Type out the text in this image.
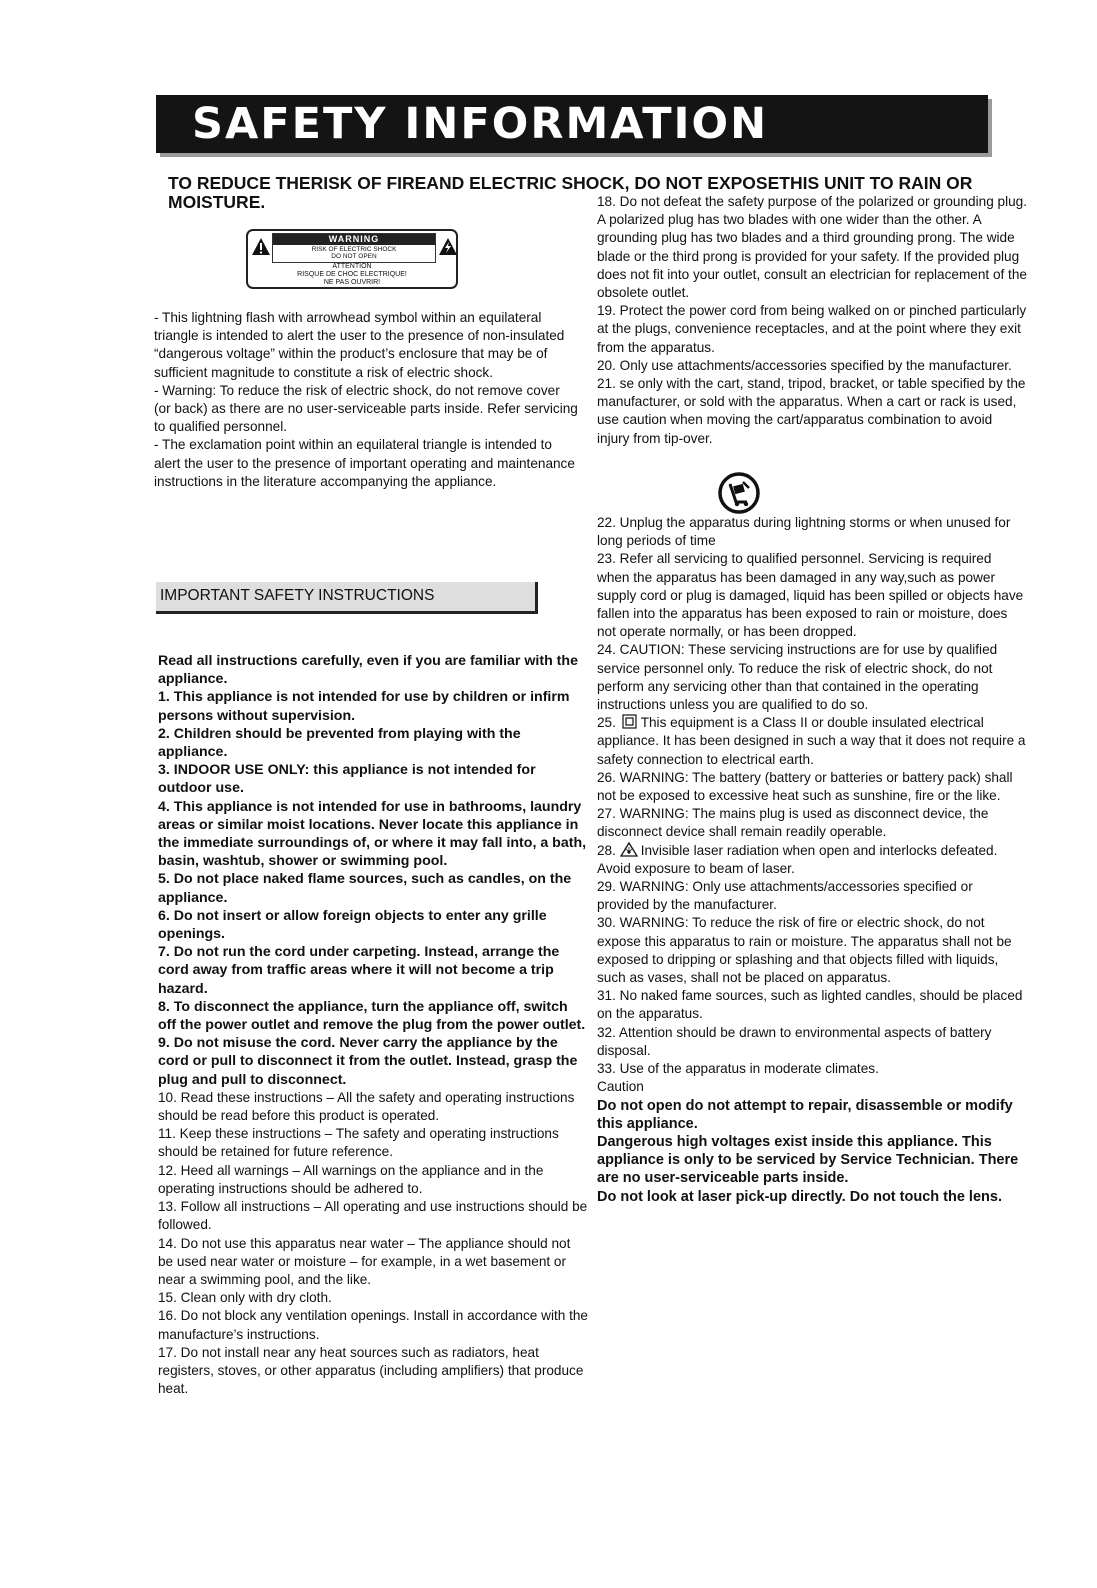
SAFETY INFORMATION
TO REDUCE THERISK OF FIREAND ELECTRIC SHOCK, DO NOT EXPOSETHIS UNIT TO RAIN OR MOISTURE.
WARNING
RISK OF ELECTRIC SHOCK
DO NOT OPEN
ATTENTION
RISQUE DE CHOC ELECTRIQUE!
NE PAS OUVRIR!

- This lightning flash with arrowhead symbol within an equilateral triangle is intended to alert the user to the presence of non-insulated “dangerous voltage” within the product’s enclosure that may be of sufficient magnitude to constitute a risk of electric shock.

- Warning: To reduce the risk of electric shock, do not remove cover (or back) as there are no user-serviceable parts inside. Refer servicing to qualified personnel.

- The exclamation point within an equilateral triangle is intended to alert the user to the presence of important operating and maintenance instructions in the literature accompanying the appliance.

IMPORTANT SAFETY INSTRUCTIONS

Read all instructions carefully, even if you are familiar with the appliance.

1. This appliance is not intended for use by children or infirm persons without supervision.

2. Children should be prevented from playing with the appliance.

3. INDOOR USE ONLY: this appliance is not intended for outdoor use.

4. This appliance is not intended for use in bathrooms, laundry areas or similar moist locations. Never locate this appliance in the immediate surroundings of, or where it may fall into, a bath, basin, washtub, shower or swimming pool.

5. Do not place naked flame sources, such as candles, on the appliance.

6. Do not insert or allow foreign objects to enter any grille openings.

7. Do not run the cord under carpeting. Instead, arrange the cord away from traffic areas where it will not become a trip hazard.

8. To disconnect the appliance, turn the appliance off, switch off the power outlet and remove the plug from the power outlet.

9. Do not misuse the cord. Never carry the appliance by the cord or pull to disconnect it from the outlet. Instead, grasp the plug and pull to disconnect.

10. Read these instructions – All the safety and operating instructions should be read before this product is operated.

11. Keep these instructions – The safety and operating instructions should be retained for future reference.

12. Heed all warnings – All warnings on the appliance and in the operating instructions should be adhered to.

13. Follow all instructions – All operating and use instructions should be followed.

14. Do not use this apparatus near water – The appliance should not be used near water or moisture – for example, in a wet basement or near a swimming pool, and the like.

15. Clean only with dry cloth.

16. Do not block any ventilation openings. Install in accordance with the manufacture’s instructions.

17. Do not install near any heat sources such as radiators, heat registers, stoves, or other apparatus (including amplifiers) that produce heat.

18. Do not defeat the safety purpose of the polarized or grounding plug. A polarized plug has two blades with one wider than the other. A grounding plug has two blades and a third grounding prong. The wide blade or the third prong is provided for your safety. If the provided plug does not fit into your outlet, consult an electrician for replacement of the obsolete outlet.

19. Protect the power cord from being walked on or pinched particularly at the plugs, convenience receptacles, and at the point where they exit from the apparatus.

20. Only use attachments/accessories specified by the manufacturer.

21. se only with the cart, stand, tripod, bracket, or table specified by the manufacturer, or sold with the apparatus. When a cart or rack is used, use caution when moving the cart/apparatus combination to avoid injury from tip-over.

22. Unplug the apparatus during lightning storms or when unused for long periods of time

23. Refer all servicing to qualified personnel. Servicing is required when the apparatus has been damaged in any way,such as power supply cord or plug is damaged, liquid has been spilled or objects have fallen into the apparatus has been exposed to rain or moisture, does not operate normally, or has been dropped.

24. CAUTION: These servicing instructions are for use by qualified service personnel only. To reduce the risk of electric shock, do not perform any servicing other than that contained in the operating instructions unless you are qualified to do so.

25. This equipment is a Class II or double insulated electrical appliance. It has been designed in such a way that it does not require a safety connection to electrical earth.

26. WARNING: The battery (battery or batteries or battery pack) shall not be exposed to excessive heat such as sunshine, fire or the like.

27. WARNING: The mains plug is used as disconnect device, the disconnect device shall remain readily operable.

28. Invisible laser radiation when open and interlocks defeated. Avoid exposure to beam of laser.

29. WARNING: Only use attachments/accessories specified or provided by the manufacturer.

30. WARNING: To reduce the risk of fire or electric shock, do not expose this apparatus to rain or moisture. The apparatus shall not be exposed to dripping or splashing and that objects filled with liquids, such as vases, shall not be placed on apparatus.

31. No naked fame sources, such as lighted candles, should be placed on the apparatus.

32. Attention should be drawn to environmental aspects of battery disposal.

33. Use of the apparatus in moderate climates.

Caution

Do not open do not attempt to repair, disassemble or modify this appliance.

Dangerous high voltages exist inside this appliance. This appliance is only to be serviced by Service Technician. There are no user-serviceable parts inside.

Do not look at laser pick-up directly. Do not touch the lens.
